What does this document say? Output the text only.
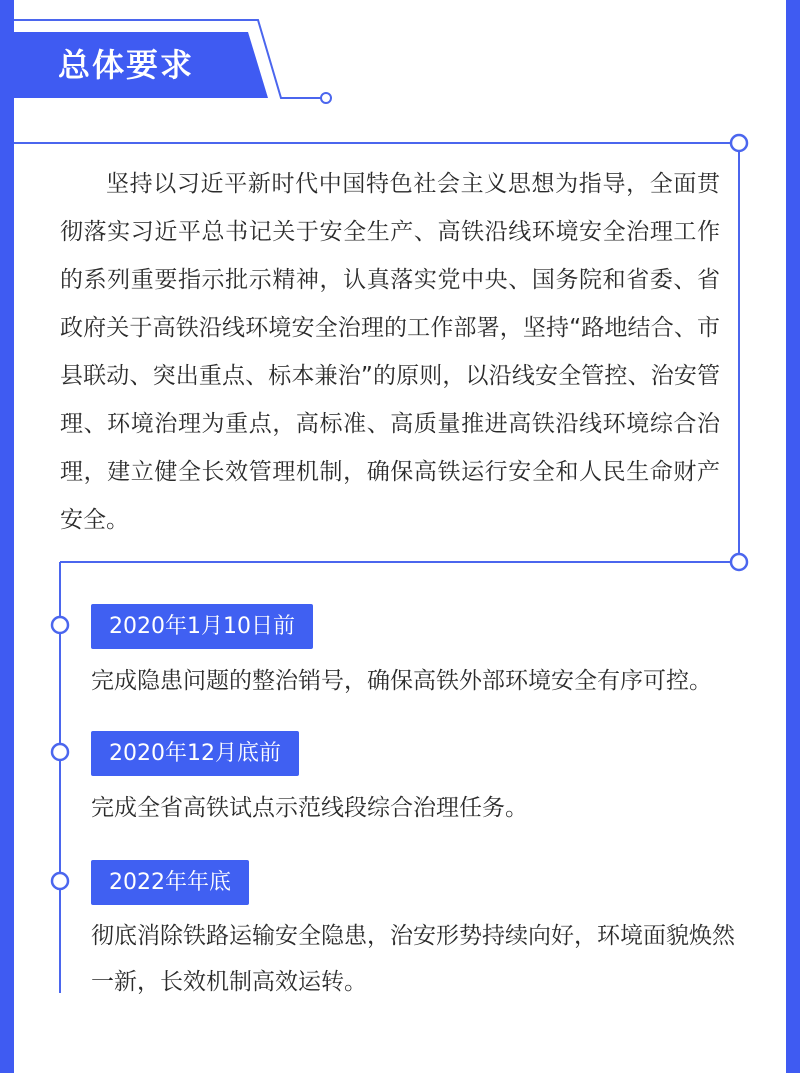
总体要求
坚持以习近平新时代中国特色社会主义思想为指导，全面贯彻落实习近平总书记关于安全生产、高铁沿线环境安全治理工作的系列重要指示批示精神，认真落实党中央、国务院和省委、省政府关于高铁沿线环境安全治理的工作部署，坚持“路地结合、市县联动、突出重点、标本兼治”的原则，以沿线安全管控、治安管理、环境治理为重点，高标准、高质量推进高铁沿线环境综合治理，建立健全长效管理机制，确保高铁运行安全和人民生命财产安全。
2020年1月10日前
完成隐患问题的整治销号，确保高铁外部环境安全有序可控。
2020年12月底前
完成全省高铁试点示范线段综合治理任务。
2022年年底
彻底消除铁路运输安全隐患，治安形势持续向好，环境面貌焕然一新，长效机制高效运转。
